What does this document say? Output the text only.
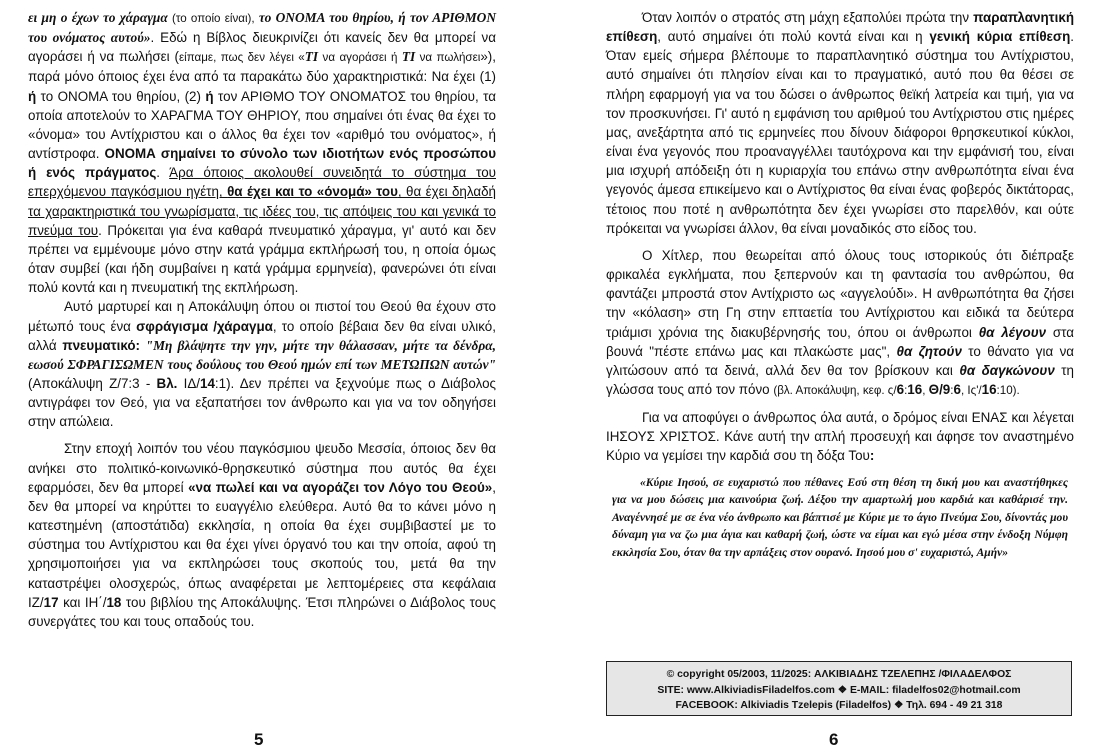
ει μη ο έχων το χάραγμα (το οποίο είναι), το ΟΝΟΜΑ του θηρίου, ή τον ΑΡΙΘΜΟΝ του ονόματος αυτού». Εδώ η Βίβλος διευκρινίζει ότι κανείς δεν θα μπορεί να αγοράσει ή να πωλήσει (είπαμε, πως δεν λέγει «ΤΙ να αγοράσει ή ΤΙ να πωλήσει»), παρά μόνο όποιος έχει ένα από τα παρακάτω δύο χαρακτηριστικά: Να έχει (1) ή το ΟΝΟΜΑ του θηρίου, (2) ή τον ΑΡΙΘΜΟ ΤΟΥ ΟΝΟΜΑΤΟΣ του θηρίου, τα οποία αποτελούν το ΧΑΡΑΓΜΑ ΤΟΥ ΘΗΡΙΟΥ, που σημαίνει ότι ένας θα έχει το «όνομα» του Αντίχριστου και ο άλλος θα έχει τον «αριθμό του ονόματος», ή αντίστροφα. ΟΝΟΜΑ σημαίνει το σύνολο των ιδιοτήτων ενός προσώπου ή ενός πράγματος. Άρα όποιος ακολουθεί συνειδητά το σύστημα του επερχόμενου παγκόσμιου ηγέτη, θα έχει και το «όνομά» του, θα έχει δηλαδή τα χαρακτηριστικά του γνωρίσματα, τις ιδέες του, τις απόψεις του και γενικά το πνεύμα του. Πρόκειται για ένα καθαρά πνευματικό χάραγμα, γι' αυτό και δεν πρέπει να εμμένουμε μόνο στην κατά γράμμα εκπλήρωσή του, η οποία όμως όταν συμβεί (και ήδη συμβαίνει η κατά γράμμα ερμηνεία), φανερώνει ότι είναι πολύ κοντά και η πνευματική της εκπλήρωση.

Αυτό μαρτυρεί και η Αποκάλυψη όπου οι πιστοί του Θεού θα έχουν στο μέτωπό τους ένα σφράγισμα /χάραγμα, το οποίο βέβαια δεν θα είναι υλικό, αλλά πνευματικό: "Μη βλάψητε την γην, μήτε την θάλασσαν, μήτε τα δένδρα, εωσού ΣΦΡΑΓΙΣΩΜΕΝ τους δούλους του Θεού ημών επί των ΜΕΤΩΠΩΝ αυτών" (Αποκάλυψη Ζ/7:3 - Βλ. ΙΔ/14:1). Δεν πρέπει να ξεχνούμε πως ο Διάβολος αντιγράφει τον Θεό, για να εξαπατήσει τον άνθρωπο και για να τον οδηγήσει στην απώλεια.

Στην εποχή λοιπόν του νέου παγκόσμιου ψευδο Μεσσία, όποιος δεν θα ανήκει στο πολιτικό-κοινωνικό-θρησκευτικό σύστημα που αυτός θα έχει εφαρμόσει, δεν θα μπορεί «να πωλεί και να αγοράζει τον Λόγο του Θεού», δεν θα μπορεί να κηρύττει το ευαγγέλιο ελεύθερα. Αυτό θα το κάνει μόνο η κατεστημένη (αποστάτιδα) εκκλησία, η οποία θα έχει συμβιβαστεί με το σύστημα του Αντίχριστου και θα έχει γίνει όργανό του και την οποία, αφού τη χρησιμοποιήσει για να εκπληρώσει τους σκοπούς του, μετά θα την καταστρέψει ολοσχερώς, όπως αναφέρεται με λεπτομέρειες στα κεφάλαια ΙΖ/17 και ΙΗ΄/18 του βιβλίου της Αποκάλυψης. Έτσι πληρώνει ο Διάβολος τους συνεργάτες του και τους οπαδούς του.

Όταν λοιπόν ο στρατός στη μάχη εξαπολύει πρώτα την παραπλανητική επίθεση, αυτό σημαίνει ότι πολύ κοντά είναι και η γενική κύρια επίθεση. Όταν εμείς σήμερα βλέπουμε το παραπλανητικό σύστημα του Αντίχριστου, αυτό σημαίνει ότι πλησίον είναι και το πραγματικό, αυτό που θα θέσει σε πλήρη εφαρμογή για να του δώσει ο άνθρωπος θεϊκή λατρεία και τιμή, για να τον προσκυνήσει. Γι' αυτό η εμφάνιση του αριθμού του Αντίχριστου στις ημέρες μας, ανεξάρτητα από τις ερμηνείες που δίνουν διάφοροι θρησκευτικοί κύκλοι, είναι ένα γεγονός που προαναγγέλλει ταυτόχρονα και την εμφάνισή του, είναι μια ισχυρή απόδειξη ότι η κυριαρχία του επάνω στην ανθρωπότητα είναι ένα γεγονός άμεσα επικείμενο και ο Αντίχριστος θα είναι ένας φοβερός δικτάτορας, τέτοιος που ποτέ η ανθρωπότητα δεν έχει γνωρίσει στο παρελθόν, και ούτε πρόκειται να γνωρίσει άλλον, θα είναι μοναδικός στο είδος του.

Ο Χίτλερ, που θεωρείται από όλους τους ιστορικούς ότι διέπραξε φρικαλέα εγκλήματα, που ξεπερνούν και τη φαντασία του ανθρώπου, θα φαντάζει μπροστά στον Αντίχριστο ως «αγγελούδι». Η ανθρωπότητα θα ζήσει την «κόλαση» στη Γη στην επταετία του Αντίχριστου και ειδικά τα δεύτερα τριάμισι χρόνια της διακυβέρνησής του, όπου οι άνθρωποι θα λέγουν στα βουνά "πέστε επάνω μας και πλακώστε μας", θα ζητούν το θάνατο για να γλιτώσουν από τα δεινά, αλλά δεν θα τον βρίσκουν και θα δαγκώνουν τη γλώσσα τους από τον πόνο (βλ. Αποκάλυψη, κεφ. ς/6:16, Θ/9:6, Ις'/16:10).

Για να αποφύγει ο άνθρωπος όλα αυτά, ο δρόμος είναι ΕΝΑΣ και λέγεται ΙΗΣΟΥΣ ΧΡΙΣΤΟΣ. Κάνε αυτή την απλή προσευχή και άφησε τον αναστημένο Κύριο να γεμίσει την καρδιά σου τη δόξα Του:

«Κύριε Ιησού, σε ευχαριστώ που πέθανες Εσύ στη θέση τη δική μου και αναστήθηκες για να μου δώσεις μια καινούρια ζωή. Δέξου την αμαρτωλή μου καρδιά και καθάρισέ την. Αναγέννησέ με σε ένα νέο άνθρωπο και βάπτισέ με Κύριε με το άγιο Πνεύμα Σου, δίνοντάς μου δύναμη για να ζω μια άγια και καθαρή ζωή, ώστε να είμαι και εγώ μέσα στην ένδοξη Νύμφη εκκλησία Σου, όταν θα την αρπάξεις στον ουρανό. Ιησού μου σ' ευχαριστώ, Αμήν»

© copyright 05/2003, 11/2025: ΑΛΚΙΒΙΑΔΗΣ ΤΖΕΛΕΠΗΣ /ΦΙΛΑΔΕΛΦΟΣ
SITE: www.AlkiviadisFiladelfos.com ❖ E-MAIL: filadelfos02@hotmail.com
FACEBOOK: Alkiviadis Tzelepis (Filadelfos) ❖ Τηλ. 694 - 49 21 318
5	6
